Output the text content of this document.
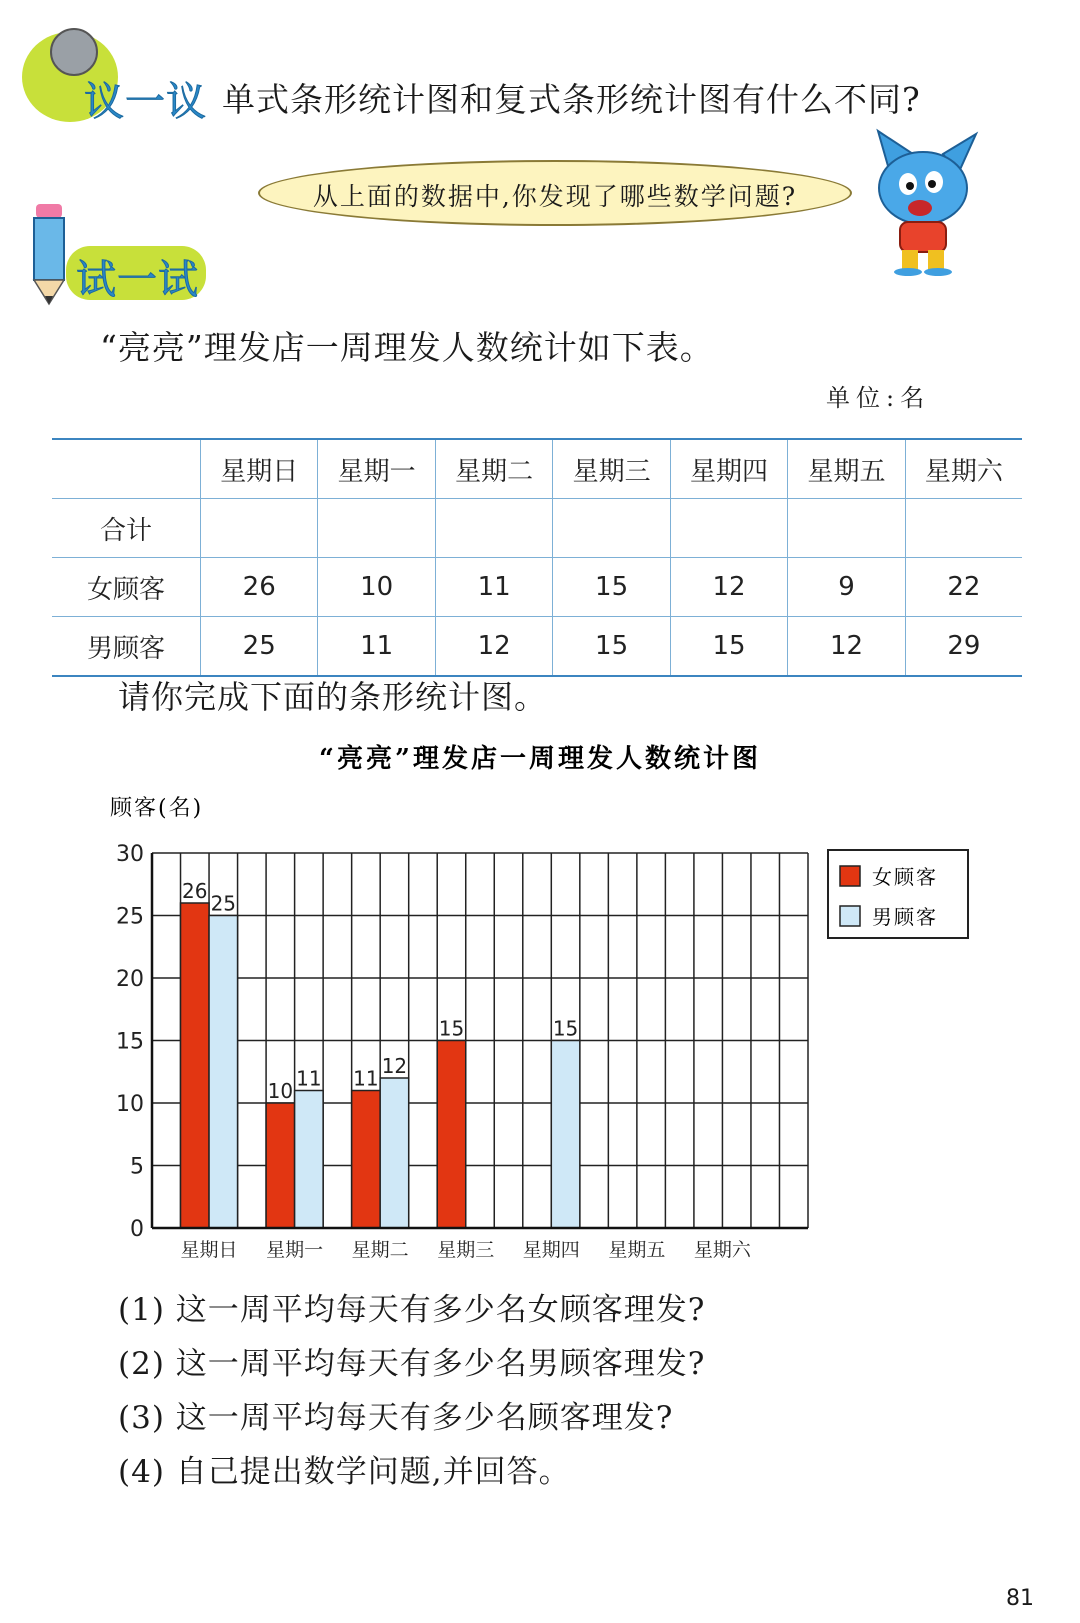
议一议 单式条形统计图和复式条形统计图有什么不同?
从上面的数据中,你发现了哪些数学问题?
试一试
“亮亮”理发店一周理发人数统计如下表。
单位:名
	星期日	星期一	星期二	星期三	星期四	星期五	星期六
合计							
女顾客	26	10	11	15	12	9	22
男顾客	25	11	12	15	15	12	29
请你完成下面的条形统计图。
“亮亮”理发店一周理发人数统计图
顾客(名)
26
25
10
11 11
12
15	15
0
5
10
15
20
25
30
星期日 星期一 星期二 星期三 星期四 星期五 星期六
女顾客
男顾客
(1) 这一周平均每天有多少名女顾客理发?
(2) 这一周平均每天有多少名男顾客理发?
(3) 这一周平均每天有多少名顾客理发?
(4) 自己提出数学问题,并回答。
81
